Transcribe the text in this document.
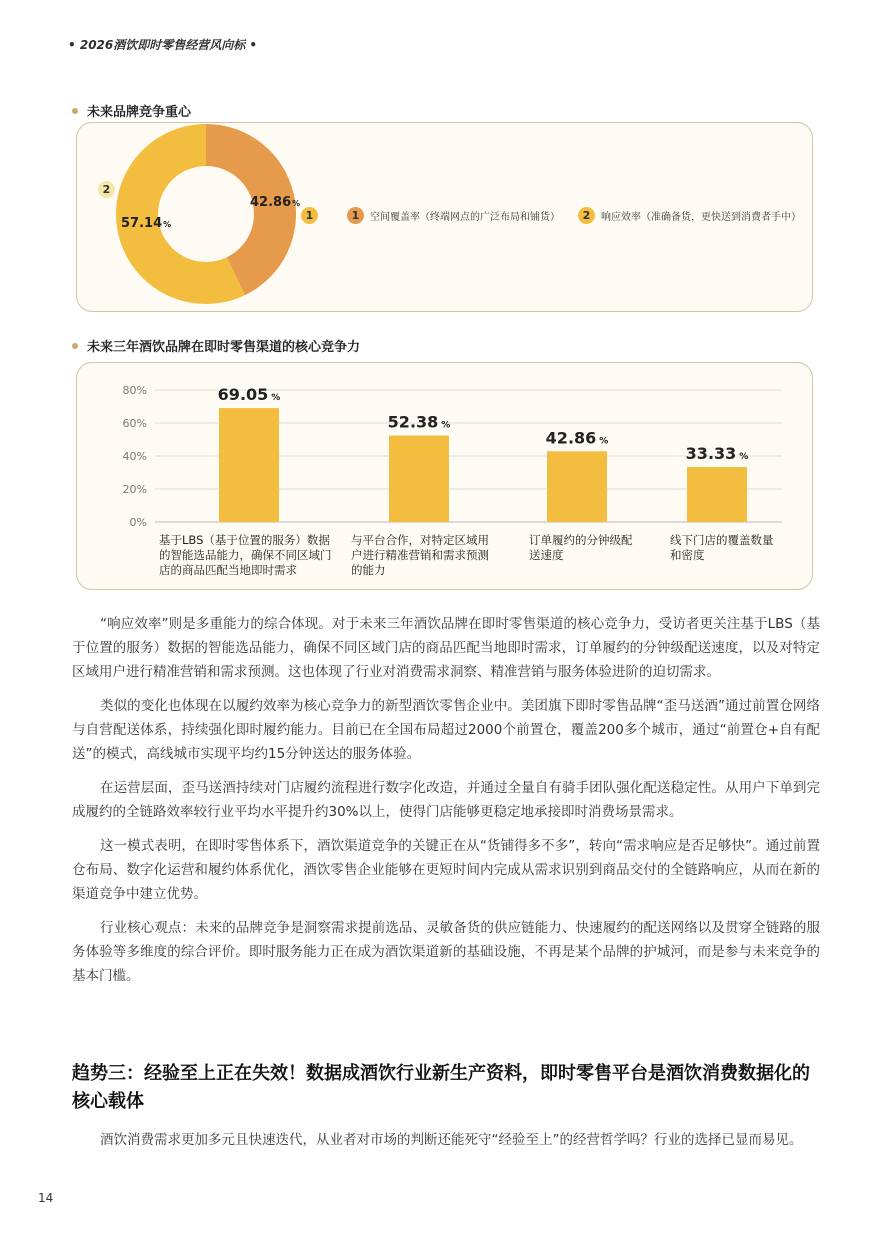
• 2026酒饮即时零售经营风向标 •
未来品牌竞争重心
42.86%
1
57.14%
2
1	空间覆盖率（终端网点的广泛布局和铺货）	2	响应效率（准确备货，更快送到消费者手中）
未来三年酒饮品牌在即时零售渠道的核心竞争力
0%
20%
40%
60%
80%	69.05 %
52.38 %
42.86 %
33.33 %
基于LBS（基于位置的服务）数据的智能选品能力，确保不同区域门店的商品匹配当地即时需求
与平台合作，对特定区域用户进行精准营销和需求预测的能力
订单履约的分钟级配送速度
线下门店的覆盖数量和密度

“响应效率”则是多重能力的综合体现。对于未来三年酒饮品牌在即时零售渠道的核心竞争力，受访者更关注基于LBS（基于位置的服务）数据的智能选品能力，确保不同区域门店的商品匹配当地即时需求，订单履约的分钟级配送速度，以及对特定区域用户进行精准营销和需求预测。这也体现了行业对消费需求洞察、精准营销与服务体验进阶的迫切需求。

类似的变化也体现在以履约效率为核心竞争力的新型酒饮零售企业中。美团旗下即时零售品牌“歪马送酒”通过前置仓网络与自营配送体系，持续强化即时履约能力。目前已在全国布局超过2000个前置仓，覆盖200多个城市，通过“前置仓+自有配送”的模式，高线城市实现平均约15分钟送达的服务体验。

在运营层面，歪马送酒持续对门店履约流程进行数字化改造，并通过全量自有骑手团队强化配送稳定性。从用户下单到完成履约的全链路效率较行业平均水平提升约30%以上，使得门店能够更稳定地承接即时消费场景需求。

这一模式表明，在即时零售体系下，酒饮渠道竞争的关键正在从“货铺得多不多”，转向“需求响应是否足够快”。通过前置仓布局、数字化运营和履约体系优化，酒饮零售企业能够在更短时间内完成从需求识别到商品交付的全链路响应，从而在新的渠道竞争中建立优势。

行业核心观点：未来的品牌竞争是洞察需求提前选品、灵敏备货的供应链能力、快速履约的配送网络以及贯穿全链路的服务体验等多维度的综合评价。即时服务能力正在成为酒饮渠道新的基础设施，不再是某个品牌的护城河，而是参与未来竞争的基本门槛。

趋势三：经验至上正在失效！数据成酒饮行业新生产资料，即时零售平台是酒饮消费数据化的核心载体

酒饮消费需求更加多元且快速迭代，从业者对市场的判断还能死守“经验至上”的经营哲学吗？行业的选择已显而易见。

14
